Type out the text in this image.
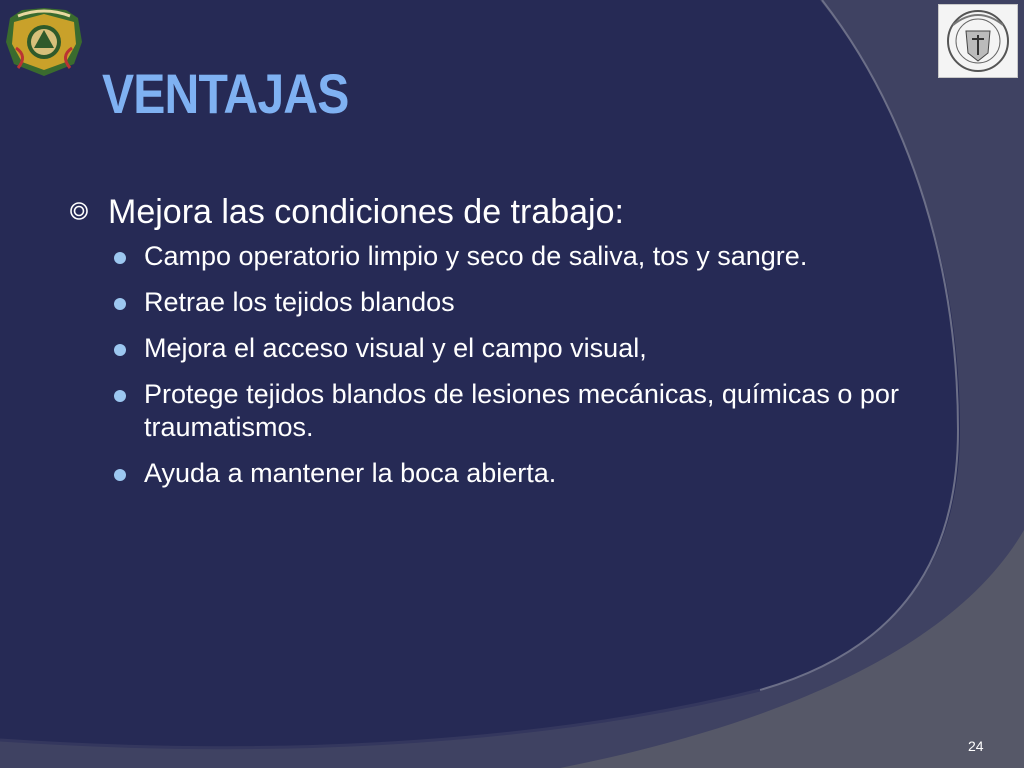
VENTAJAS
Mejora las condiciones de trabajo:
Campo operatorio limpio y seco de saliva, tos y sangre.
Retrae los tejidos blandos
Mejora el acceso visual y el campo visual,
Protege tejidos blandos de lesiones mecánicas, químicas o por traumatismos.
Ayuda a mantener la boca abierta.
24
